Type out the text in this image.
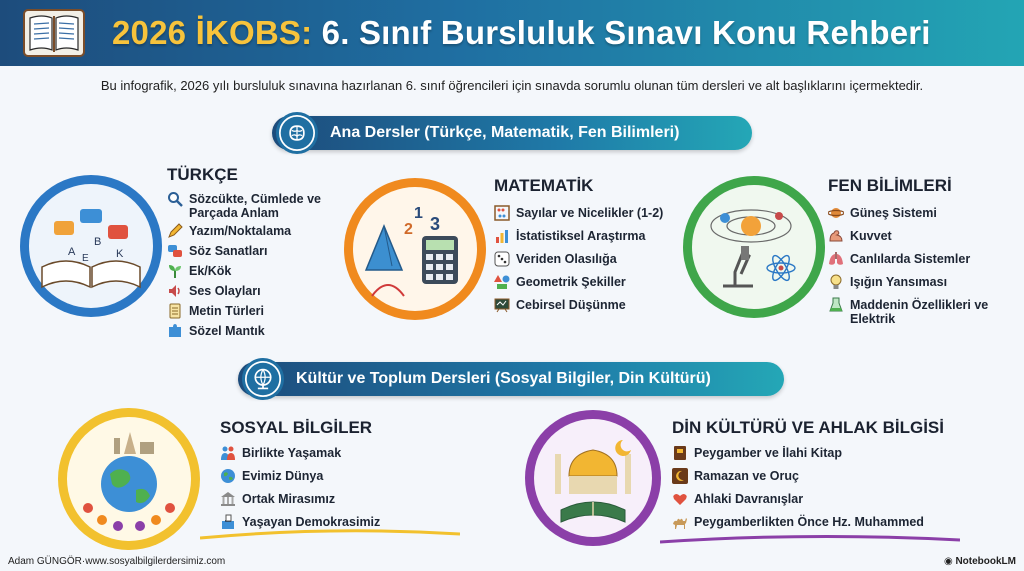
2026 İKOBS: 6. Sınıf Bursluluk Sınavı Konu Rehberi
Bu infografik, 2026 yılı bursluluk sınavına hazırlanan 6. sınıf öğrencileri için sınavda sorumlu olunan tüm dersleri ve alt başlıklarını içermektedir.
Ana Dersler (Türkçe, Matematik, Fen Bilimleri)
A
B
K
E
TÜRKÇE
Sözcükte, Cümlede ve Parçada Anlam
Yazım/Noktalama
Söz Sanatları
Ek/Kök
Ses Olayları
Metin Türleri
Sözel Mantık
1
3
2
MATEMATİK
Sayılar ve Nicelikler (1-2)
İstatistiksel Araştırma
Veriden Olasılığa
Geometrik Şekiller
Cebirsel Düşünme
FEN BİLİMLERİ
Güneş Sistemi
Kuvvet
Canlılarda Sistemler
Işığın Yansıması
Maddenin Özellikleri ve Elektrik
Kültür ve Toplum Dersleri (Sosyal Bilgiler, Din Kültürü)
SOSYAL BİLGİLER
Birlikte Yaşamak
Evimiz Dünya
Ortak Mirasımız
Yaşayan Demokrasimiz
DİN KÜLTÜRÜ VE AHLAK BİLGİSİ
Peygamber ve İlahi Kitap
Ramazan ve Oruç
Ahlaki Davranışlar
Peygamberlikten Önce Hz. Muhammed
Adam GÜNGÖR·www.sosyalbilgilerdersimiz.com	◉ NotebookLM
